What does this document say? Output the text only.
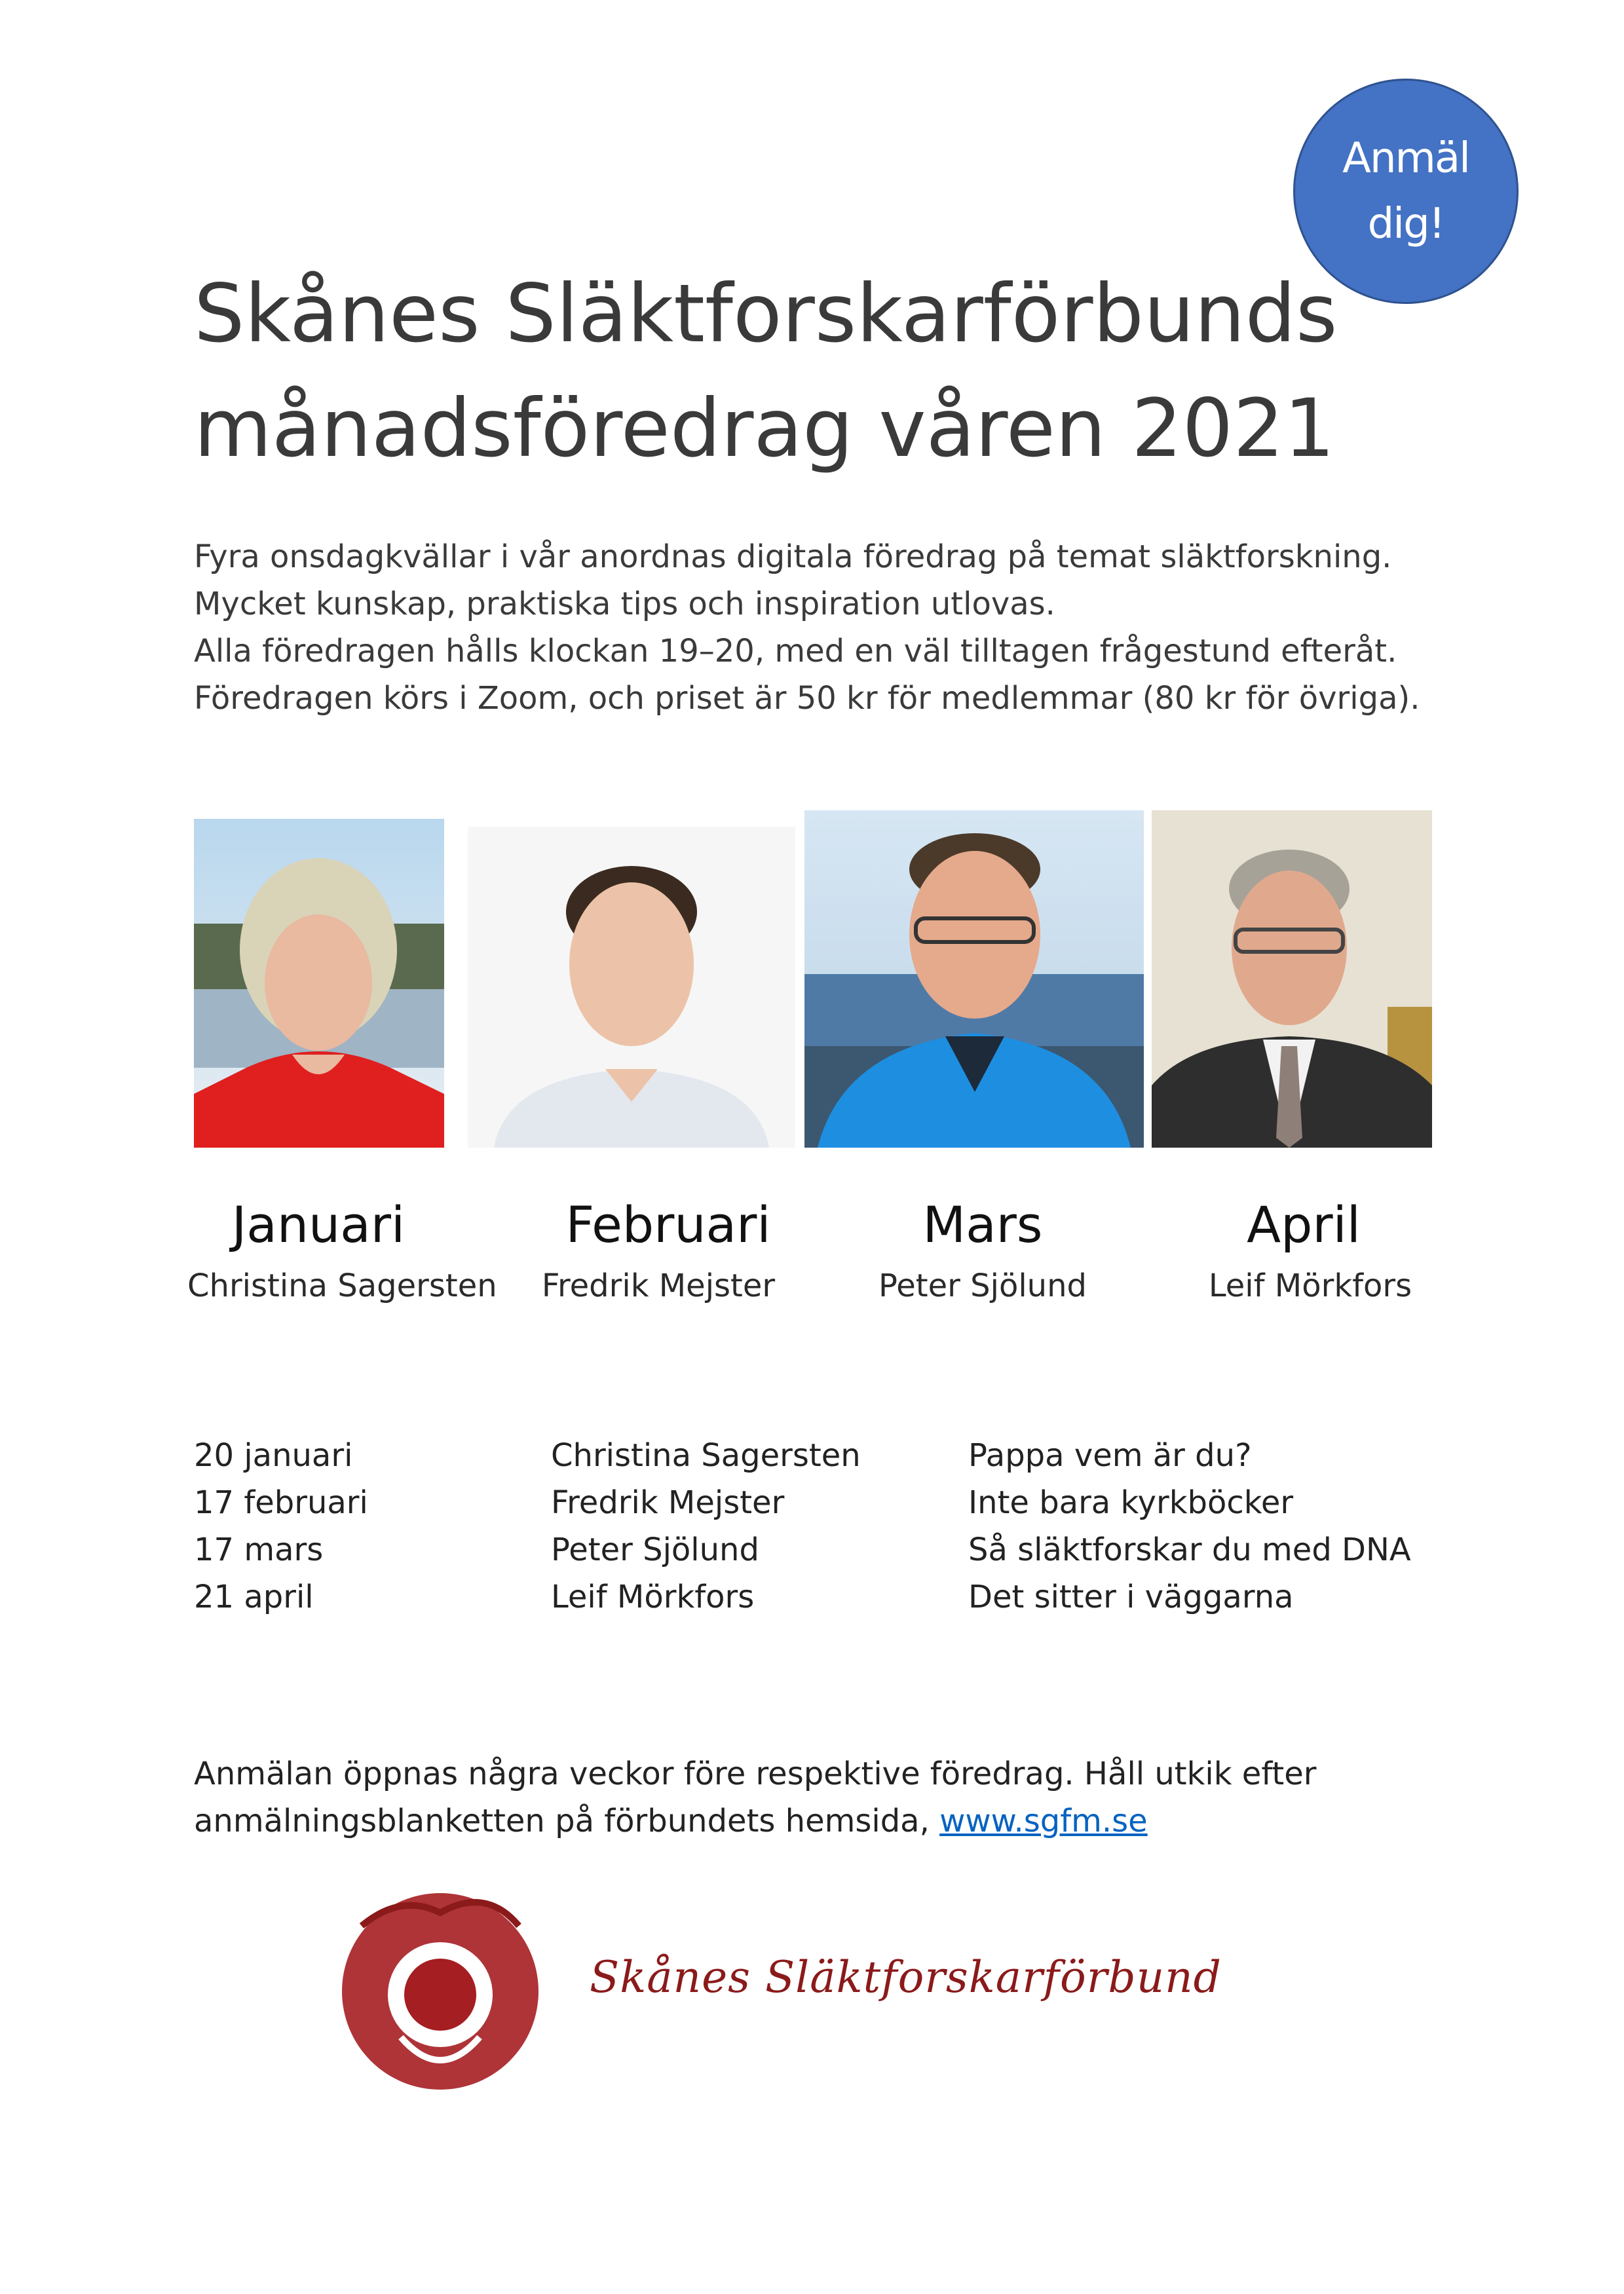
Anmäl
dig!
Skånes Släktforskarförbunds
månadsföredrag våren 2021
Fyra onsdagkvällar i vår anordnas digitala föredrag på temat släktforskning.
Mycket kunskap, praktiska tips och inspiration utlovas.
Alla föredragen hålls klockan 19–20, med en väl tilltagen frågestund efteråt.
Föredragen körs i Zoom, och priset är 50 kr för medlemmar (80 kr för övriga).
Januari
Christina Sagersten
Februari
Fredrik Mejster
Mars
Peter Sjölund
April
Leif Mörkfors
20 januari	Christina Sagersten	Pappa vem är du?
17 februari	Fredrik Mejster	Inte bara kyrkböcker
17 mars	Peter Sjölund	Så släktforskar du med DNA
21 april	Leif Mörkfors	Det sitter i väggarna
Anmälan öppnas några veckor före respektive föredrag. Håll utkik efter
anmälningsblanketten på förbundets hemsida, www.sgfm.se
Skånes Släktforskarförbund
